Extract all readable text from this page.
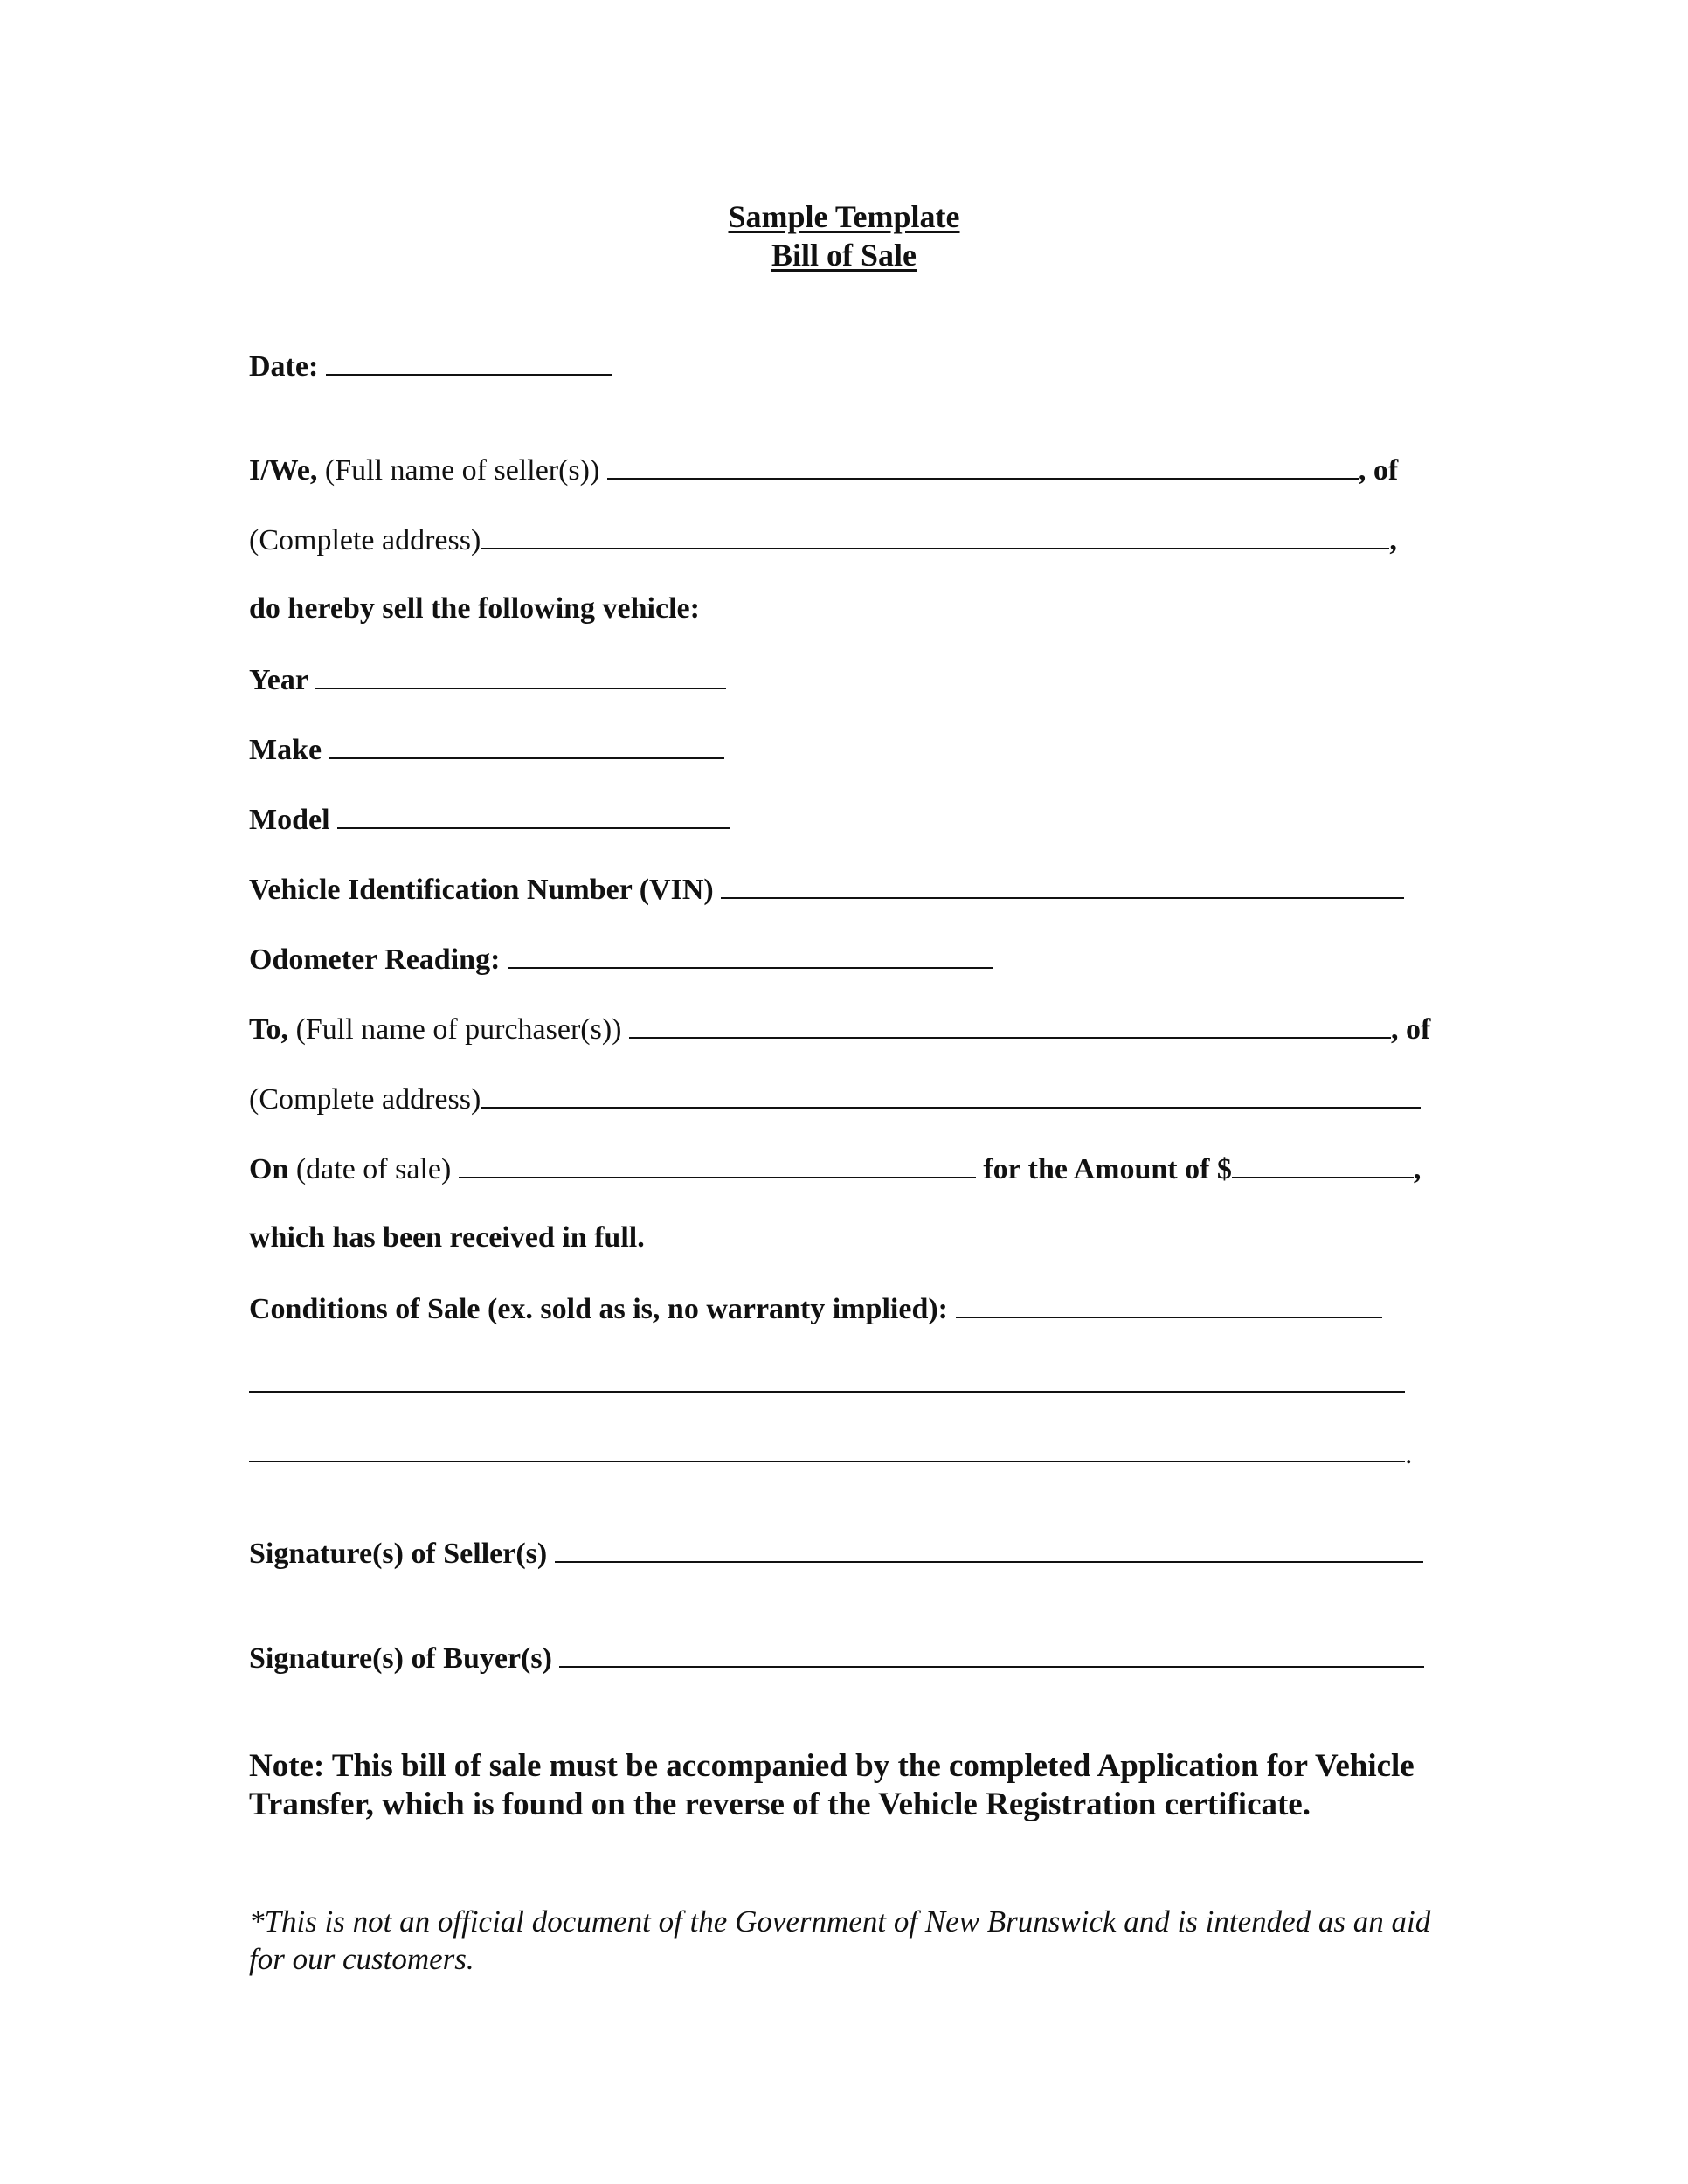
Sample Template
Bill of Sale
Date:
I/We, (Full name of seller(s))	, of
(Complete address)	,
do hereby sell the following vehicle:
Year
Make
Model
Vehicle Identification Number (VIN)
Odometer Reading:
To, (Full name of purchaser(s))	, of
(Complete address)
On (date of sale)	for the Amount of $	,
which has been received in full.
Conditions of Sale (ex. sold as is, no warranty implied):
.
Signature(s) of Seller(s)
Signature(s) of Buyer(s)
Note: This bill of sale must be accompanied by the completed Application for Vehicle Transfer, which is found on the reverse of the Vehicle Registration certificate.
*This is not an official document of the Government of New Brunswick and is intended as an aid for our customers.
